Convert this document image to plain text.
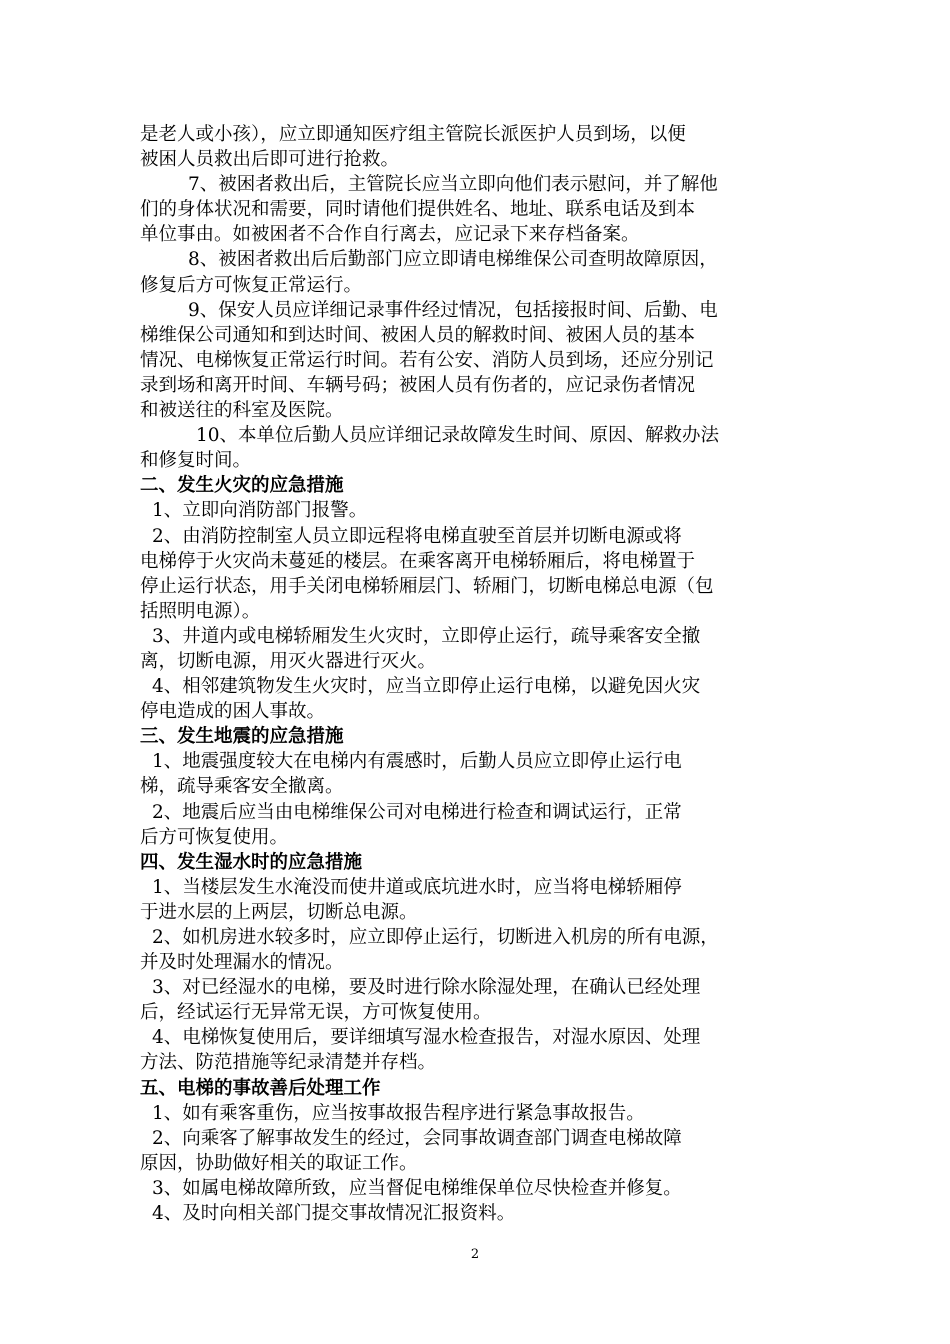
是老人或小孩），应立即通知医疗组主管院长派医护人员到场，以便
被困人员救出后即可进行抢救。
7、被困者救出后，主管院长应当立即向他们表示慰问，并了解他
们的身体状况和需要，同时请他们提供姓名、地址、联系电话及到本
单位事由。如被困者不合作自行离去，应记录下来存档备案。
8、被困者救出后后勤部门应立即请电梯维保公司查明故障原因，
修复后方可恢复正常运行。
9、保安人员应详细记录事件经过情况，包括接报时间、后勤、电
梯维保公司通知和到达时间、被困人员的解救时间、被困人员的基本
情况、电梯恢复正常运行时间。若有公安、消防人员到场，还应分别记
录到场和离开时间、车辆号码；被困人员有伤者的，应记录伤者情况
和被送往的科室及医院。
10、本单位后勤人员应详细记录故障发生时间、原因、解救办法
和修复时间。
二、发生火灾的应急措施
1、立即向消防部门报警。
2、由消防控制室人员立即远程将电梯直驶至首层并切断电源或将
电梯停于火灾尚未蔓延的楼层。在乘客离开电梯轿厢后，将电梯置于
停止运行状态，用手关闭电梯轿厢层门、轿厢门，切断电梯总电源（包
括照明电源）。
3、井道内或电梯轿厢发生火灾时，立即停止运行，疏导乘客安全撤
离，切断电源，用灭火器进行灭火。
4、相邻建筑物发生火灾时，应当立即停止运行电梯，以避免因火灾
停电造成的困人事故。
三、发生地震的应急措施
1、地震强度较大在电梯内有震感时，后勤人员应立即停止运行电
梯，疏导乘客安全撤离。
2、地震后应当由电梯维保公司对电梯进行检查和调试运行，正常
后方可恢复使用。
四、发生湿水时的应急措施
1、当楼层发生水淹没而使井道或底坑进水时，应当将电梯轿厢停
于进水层的上两层，切断总电源。
2、如机房进水较多时，应立即停止运行，切断进入机房的所有电源，
并及时处理漏水的情况。
3、对已经湿水的电梯，要及时进行除水除湿处理，在确认已经处理
后，经试运行无异常无误，方可恢复使用。
4、电梯恢复使用后，要详细填写湿水检查报告，对湿水原因、处理
方法、防范措施等纪录清楚并存档。
五、电梯的事故善后处理工作
1、如有乘客重伤，应当按事故报告程序进行紧急事故报告。
2、向乘客了解事故发生的经过，会同事故调查部门调查电梯故障
原因，协助做好相关的取证工作。
3、如属电梯故障所致，应当督促电梯维保单位尽快检查并修复。
4、及时向相关部门提交事故情况汇报资料。
2
